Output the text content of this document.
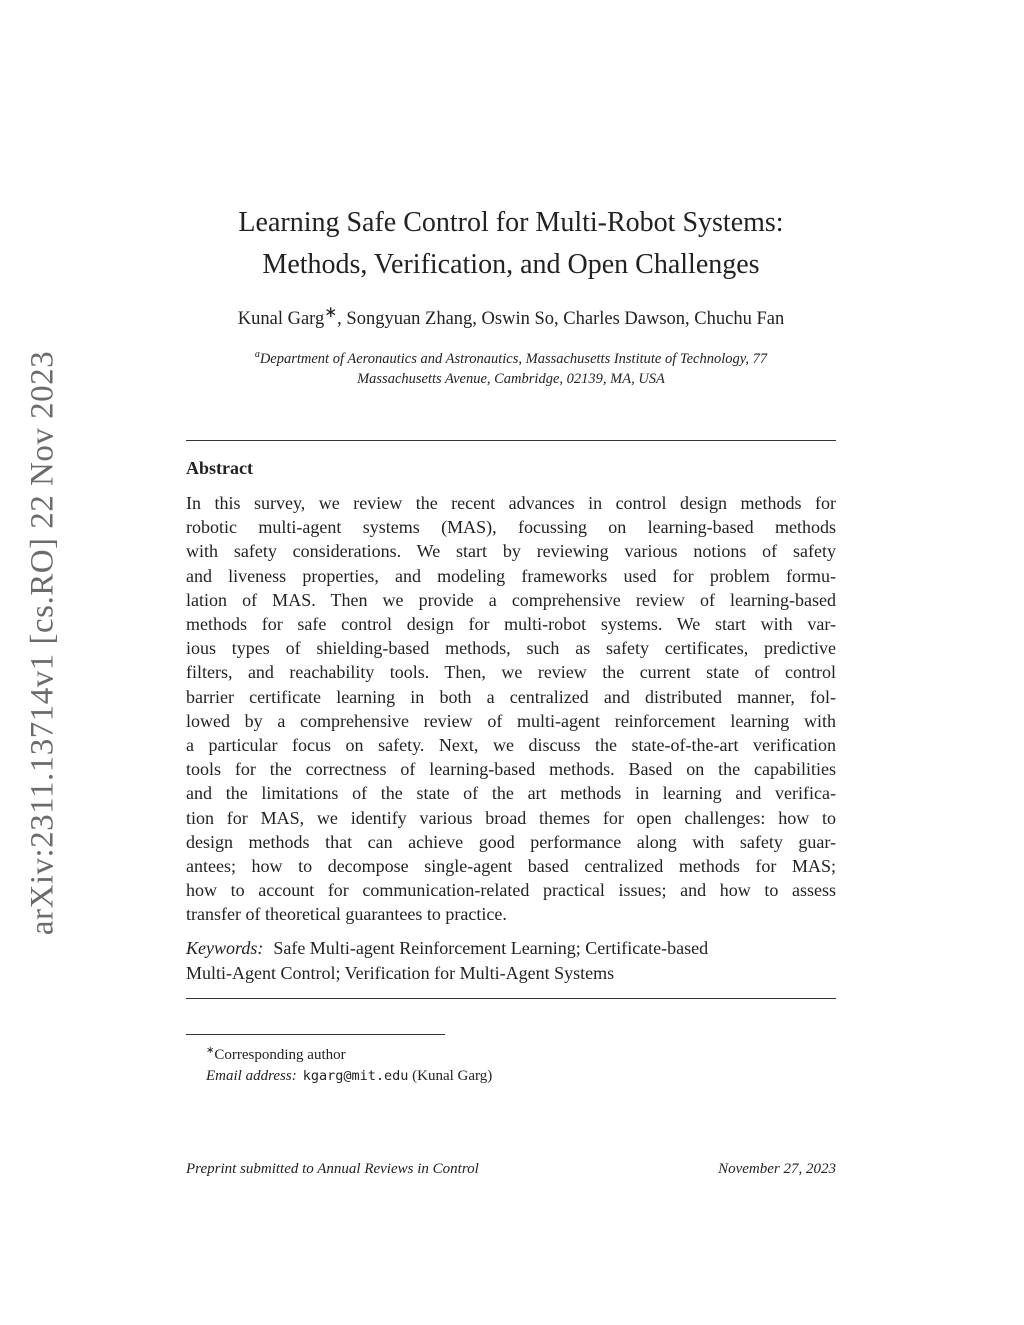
arXiv:2311.13714v1 [cs.RO] 22 Nov 2023
Learning Safe Control for Multi-Robot Systems:
Methods, Verification, and Open Challenges
Kunal Garg∗, Songyuan Zhang, Oswin So, Charles Dawson, Chuchu Fan
$^a$Department of Aeronautics and Astronautics, Massachusetts Institute of Technology, 77
Massachusetts Avenue, Cambridge, 02139, MA, USA
Abstract
In this survey, we review the recent advances in control design methods for
robotic multi-agent systems (MAS), focussing on learning-based methods
with safety considerations. We start by reviewing various notions of safety
and liveness properties, and modeling frameworks used for problem formu-
lation of MAS. Then we provide a comprehensive review of learning-based
methods for safe control design for multi-robot systems. We start with var-
ious types of shielding-based methods, such as safety certificates, predictive
filters, and reachability tools. Then, we review the current state of control
barrier certificate learning in both a centralized and distributed manner, fol-
lowed by a comprehensive review of multi-agent reinforcement learning with
a particular focus on safety. Next, we discuss the state-of-the-art verification
tools for the correctness of learning-based methods. Based on the capabilities
and the limitations of the state of the art methods in learning and verifica-
tion for MAS, we identify various broad themes for open challenges: how to
design methods that can achieve good performance along with safety guar-
antees; how to decompose single-agent based centralized methods for MAS;
how to account for communication-related practical issues; and how to assess
transfer of theoretical guarantees to practice.
Keywords: Safe Multi-agent Reinforcement Learning; Certificate-based
Multi-Agent Control; Verification for Multi-Agent Systems
∗Corresponding author
Email address: kgarg@mit.edu (Kunal Garg)
Preprint submitted to Annual Reviews in Control	November 27, 2023
